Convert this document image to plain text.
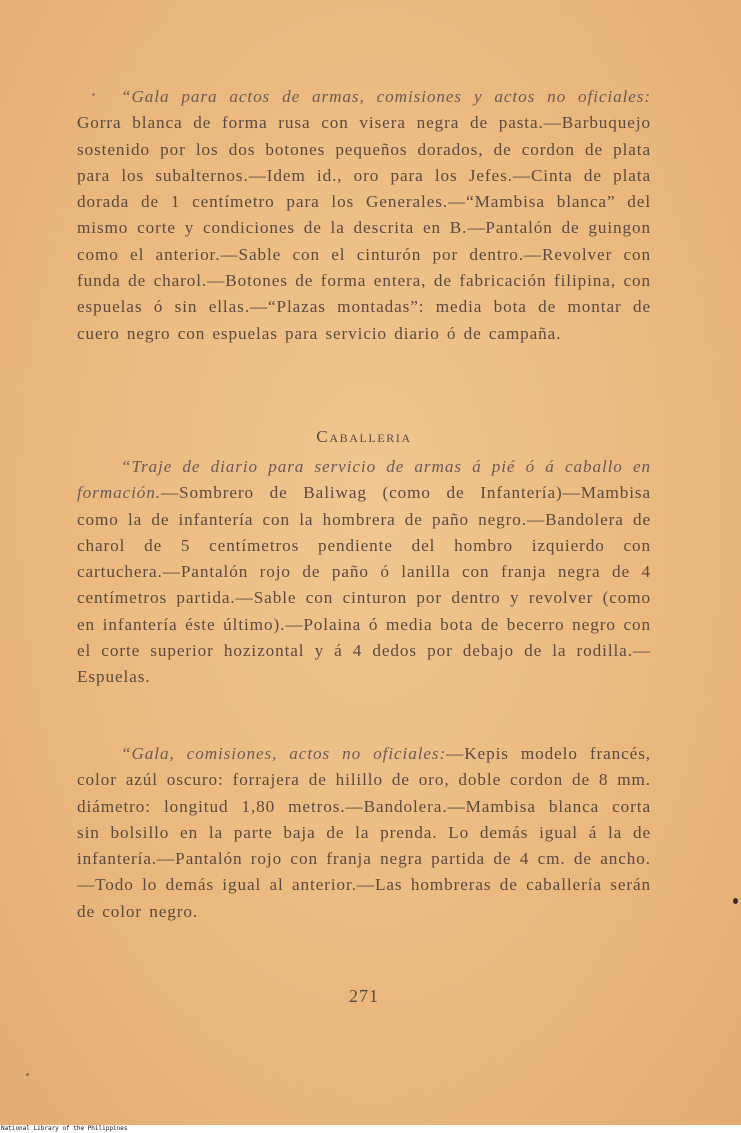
“Gala para actos de armas, comisiones y actos no oficiales: Gorra blanca de forma rusa con visera negra de pasta.—Barbuquejo sostenido por los dos botones pequeños dorados, de cordon de plata para los subalternos.—Idem id., oro para los Jefes.—Cinta de plata dorada de 1 centímetro para los Generales.—“Mambisa blanca” del mismo corte y condiciones de la descrita en B.—Pantalón de guingon como el anterior.—Sable con el cinturón por dentro.—Revolver con funda de charol.—Botones de forma entera, de fabricación filipina, con espuelas ó sin ellas.—“Plazas montadas”: media bota de montar de cuero negro con espuelas para servicio diario ó de campaña.

Caballeria

“Traje de diario para servicio de armas á pié ó á caballo en formación.—Sombrero de Baliwag (como de Infantería)—Mambisa como la de infantería con la hombrera de paño negro.—Bandolera de charol de 5 centímetros pendiente del hombro izquierdo con cartuchera.—Pantalón rojo de paño ó lanilla con franja negra de 4 centímetros partida.—Sable con cinturon por dentro y revolver (como en infantería éste último).—Polaina ó media bota de becerro negro con el corte superior hozizontal y á 4 dedos por debajo de la rodilla.—Espuelas.

“Gala, comisiones, actos no oficiales:—Kepis modelo francés, color azúl oscuro: forrajera de hilillo de oro, doble cordon de 8 mm. diámetro: longitud 1,80 metros.—Bandolera.—Mambisa blanca corta sin bolsillo en la parte baja de la prenda. Lo demás igual á la de infantería.—Pantalón rojo con franja negra partida de 4 cm. de ancho.—Todo lo demás igual al anterior.—Las hombreras de caballería serán de color negro.

271

National Library of the Philippines
